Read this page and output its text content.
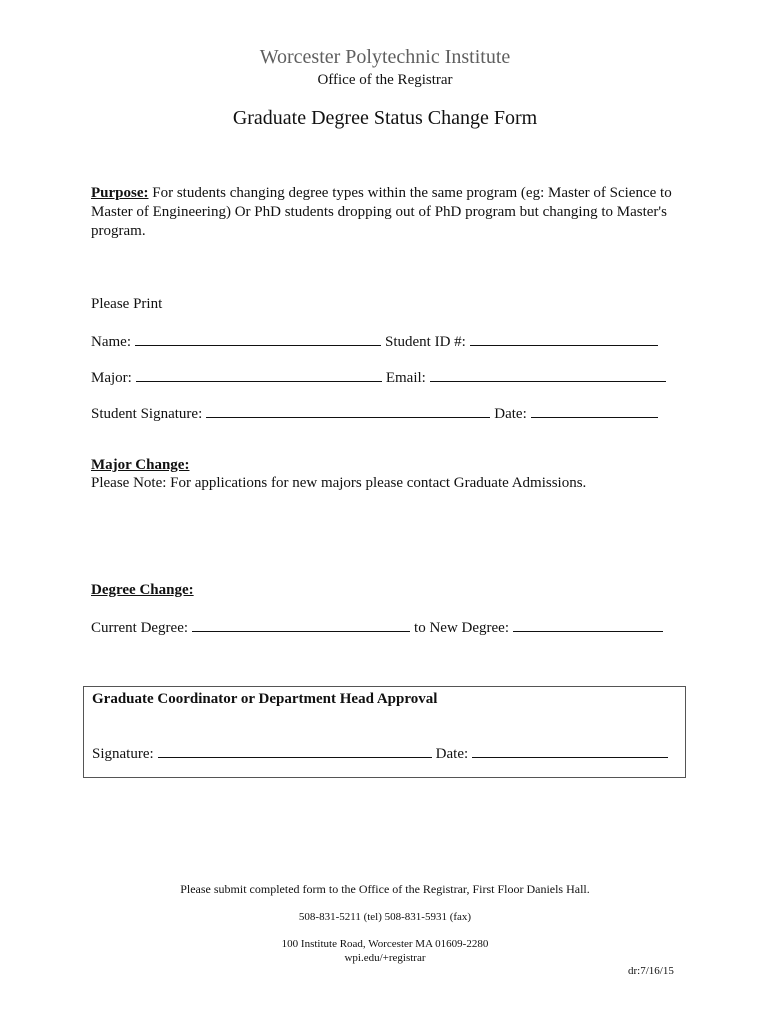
Worcester Polytechnic Institute
Office of the Registrar
Graduate Degree Status Change Form
Purpose: For students changing degree types within the same program (eg: Master of Science to Master of Engineering) Or PhD students dropping out of PhD program but changing to Master's program.
Please Print
Name:	Student ID #:
Major:	Email:
Student Signature:	Date:
Major Change:
Please Note: For applications for new majors please contact Graduate Admissions.
Degree Change:
Current Degree:	to New Degree:
Graduate Coordinator or Department Head Approval
Signature:	Date:
Please submit completed form to the Office of the Registrar, First Floor Daniels Hall.
508-831-5211 (tel) 508-831-5931 (fax)
100 Institute Road, Worcester MA 01609-2280
wpi.edu/+registrar
dr:7/16/15
